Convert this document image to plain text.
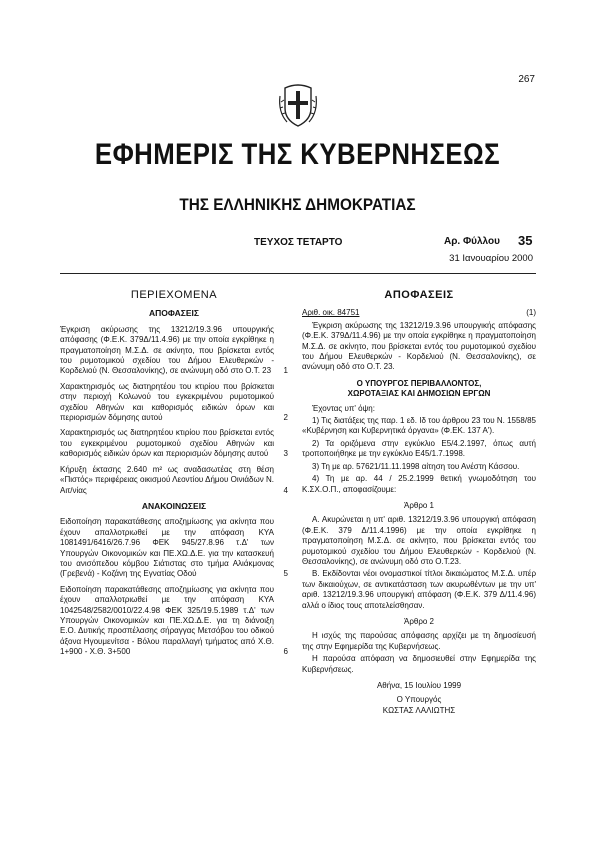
267
ΕΦΗΜΕΡΙΣ ΤΗΣ ΚΥΒΕΡΝΗΣΕΩΣ
ΤΗΣ ΕΛΛΗΝΙΚΗΣ ΔΗΜΟΚΡΑΤΙΑΣ
ΤΕΥΧΟΣ ΤΕΤΑΡΤΟ	Αρ. Φύλλου 35
31 Ιανουαρίου 2000
ΠΕΡΙΕΧΟΜΕΝΑ
ΑΠΟΦΑΣΕΙΣ
Έγκριση ακύρωσης της 13212/19.3.96 υπουργικής απόφασης (Φ.Ε.Κ. 379Δ/11.4.96) με την οποία εγκρίθηκε η πραγματοποίηση Μ.Σ.Δ. σε ακίνητο, που βρίσκεται εντός του ρυμοτομικού σχεδίου του Δήμου Ελευθερκών - Κορδελιού (Ν. Θεσσαλονίκης), σε ανώνυμη οδό στο Ο.Τ. 23	1
Χαρακτηρισμός ως διατηρητέου του κτιρίου που βρίσκεται στην περιοχή Κολωνού του εγκεκριμένου ρυμοτομικού σχεδίου Αθηνών και καθορισμός ειδικών όρων και περιορισμών δόμησης αυτού	2
Χαρακτηρισμός ως διατηρητέου κτιρίου που βρίσκεται εντός του εγκεκριμένου ρυμοτομικού σχεδίου Αθηνών και καθορισμός ειδικών όρων και περιορισμών δόμησης αυτού	3
Κήρυξη έκτασης 2.640 m² ως αναδασωτέας στη θέση «Πιστός» περιφέρειας οικισμού Λεοντίου Δήμου Οινιάδων Ν. Αιτ/νίας	4
ΑΝΑΚΟΙΝΩΣΕΙΣ
Ειδοποίηση παρακατάθεσης αποζημίωσης για ακίνητα που έχουν απαλλοτριωθεί με την απόφαση ΚΥΑ 1081491/6416/26.7.96 ΦΕΚ 945/27.8.96 τ.Δ' των Υπουργών Οικονομικών και ΠΕ.ΧΩ.Δ.Ε. για την κατασκευή του ανισόπεδου κόμβου Σιάτιστας στο τμήμα Αλιάκμονας (Γρεβενά) - Κοζάνη της Εγνατίας Οδού	5
Ειδοποίηση παρακατάθεσης αποζημίωσης για ακίνητα που έχουν απαλλοτριωθεί με την απόφαση ΚΥΑ 1042548/2582/0010/22.4.98 ΦΕΚ 325/19.5.1989 τ.Δ' των Υπουργών Οικονομικών και ΠΕ.ΧΩ.Δ.Ε. για τη διάνοιξη Ε.Ο. Δυτικής προσπέλασης σήραγγας Μετσόβου του οδικού άξονα Ηγουμενίτσα - Βόλου παραλλαγή τμήματος από Χ.Θ. 1+900 - Χ.Θ. 3+500	6
ΑΠΟΦΑΣΕΙΣ
Αριθ. οικ. 84751	(1)

Έγκριση ακύρωσης της 13212/19.3.96 υπουργικής απόφασης (Φ.Ε.Κ. 379Δ/11.4.96) με την οποία εγκρίθηκε η πραγματοποίηση Μ.Σ.Δ. σε ακίνητο, που βρίσκεται εντός του ρυμοτομικού σχεδίου του Δήμου Ελευθερκών - Κορδελιού (Ν. Θεσσαλονίκης), σε ανώνυμη οδό στο Ο.Τ. 23.

Ο ΥΠΟΥΡΓΟΣ ΠΕΡΙΒΑΛΛΟΝΤΟΣ,
ΧΩΡΟΤΑΞΙΑΣ ΚΑΙ ΔΗΜΟΣΙΩΝ ΕΡΓΩΝ

Έχοντας υπ' όψη:

1) Τις διατάξεις της παρ. 1 εδ. Ιδ του άρθρου 23 του Ν. 1558/85 «Κυβέρνηση και Κυβερνητικά όργανα» (Φ.ΕΚ. 137 Α').

2) Τα οριζόμενα στην εγκύκλιο Ε5/4.2.1997, όπως αυτή τροποποιήθηκε με την εγκύκλιο Ε45/1.7.1998.

3) Τη με αρ. 57621/11.11.1998 αίτηση του Ανέστη Κάσσου.

4) Τη με αρ. 44 / 25.2.1999 θετική γνωμοδότηση του Κ.ΣΧ.Ο.Π., αποφασίζουμε:

Άρθρο 1

Α. Ακυρώνεται η υπ' αριθ. 13212/19.3.96 υπουργική απόφαση (Φ.Ε.Κ. 379 Δ/11.4.1996) με την οποία εγκρίθηκε η πραγματοποίηση Μ.Σ.Δ. σε ακίνητο, που βρίσκεται εντός του ρυμοτομικού σχεδίου του Δήμου Ελευθερκών - Κορδελιού (Ν. Θεσσαλονίκης), σε ανώνυμη οδό στο Ο.Τ.23.

Β. Εκδίδονται νέοι ονομαστικοί τίτλοι δικαιώματος Μ.Σ.Δ. υπέρ των δικαιούχων, σε αντικατάσταση των ακυρωθέντων με την υπ' αριθ. 13212/19.3.96 υπουργική απόφαση (Φ.Ε.Κ. 379 Δ/11.4.96) αλλά ο ίδιος τους αποτελείσθησαν.

Άρθρο 2

Η ισχύς της παρούσας απόφασης αρχίζει με τη δημοσίευσή της στην Εφημερίδα της Κυβερνήσεως.

Η παρούσα απόφαση να δημοσιευθεί στην Εφημερίδα της Κυβερνήσεως.

Αθήνα, 15 Ιουλίου 1999
Ο Υπουργός
ΚΩΣΤΑΣ ΛΑΛΙΩΤΗΣ
